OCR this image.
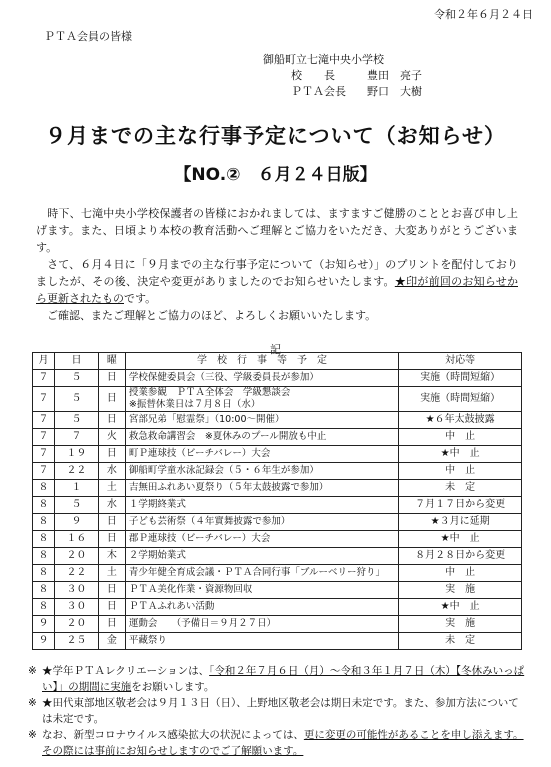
令和２年６月２４日
ＰＴＡ会員の皆様
御船町立七滝中央小学校
校　　長	豊田　亮子
ＰＴＡ会長	野口　大樹
９月までの主な行事予定について（お知らせ）
【NO.②　６月２４日版】

　時下、七滝中央小学校保護者の皆様におかれましては、ますますご健勝のこととお喜び申し上げます。また、日頃より本校の教育活動へご理解とご協力をいただき、大変ありがとうございます。

　さて、６月４日に「９月までの主な行事予定について（お知らせ）」のプリントを配付しておりましたが、その後、決定や変更がありましたのでお知らせいたします。★印が前回のお知らせから更新されたものです。

　ご確認、またご理解とご協力のほど、よろしくお願いいたします。

記
月	日	曜	学　校　行　事　等　予　定	対応等
７	５	日	学校保健委員会（三役、学級委員長が参加）	実施（時間短縮）
７	５	日	授業参観　ＰＴＡ全体会　学級懇談会
※振替休業日は７月８日（水）	実施（時間短縮）
７	５	日	宮部兄弟「慰霊祭」（10:00～開催）	★６年太鼓披露
７	７	火	救急救命講習会　※夏休みのプール開放も中止	中　止
７	１９	日	町Ｐ連球技（ビーチバレー）大会	★中　止
７	２２	水	御船町学童水泳記録会（５・６年生が参加）	中　止
８	１	土	吉無田ふれあい夏祭り（５年太鼓披露で参加）	未　定
８	５	水	１学期終業式	７月１７日から変更
８	９	日	子ども芸術祭（４年實舞披露で参加）	★３月に延期
８	１６	日	郡Ｐ連球技（ビーチバレー）大会	★中　止
８	２０	木	２学期始業式	８月２８日から変更
８	２２	土	青少年健全育成会議・ＰＴＡ合同行事「ブルーベリー狩り」	中　止
８	３０	日	ＰＴＡ美化作業・資源物回収	実　施
８	３０	日	ＰＴＡふれあい活動	★中　止
９	２０	日	運動会　　（予備日＝９月２７日）	実　施
９	２５	金	平藏祭り	未　定
※ ★学年ＰＴＡレクリエーションは、「令和２年７月６日（月）～令和３年１月７日（木）【冬休みいっぱい】」の期間に実施をお願いします。
※ ★田代東部地区敬老会は９月１３日（日）、上野地区敬老会は期日未定です。また、参加方法については未定です。
※ なお、新型コロナウイルス感染拡大の状況によっては、更に変更の可能性があることを申し添えます。その際には事前にお知らせしますのでご了解願います。
